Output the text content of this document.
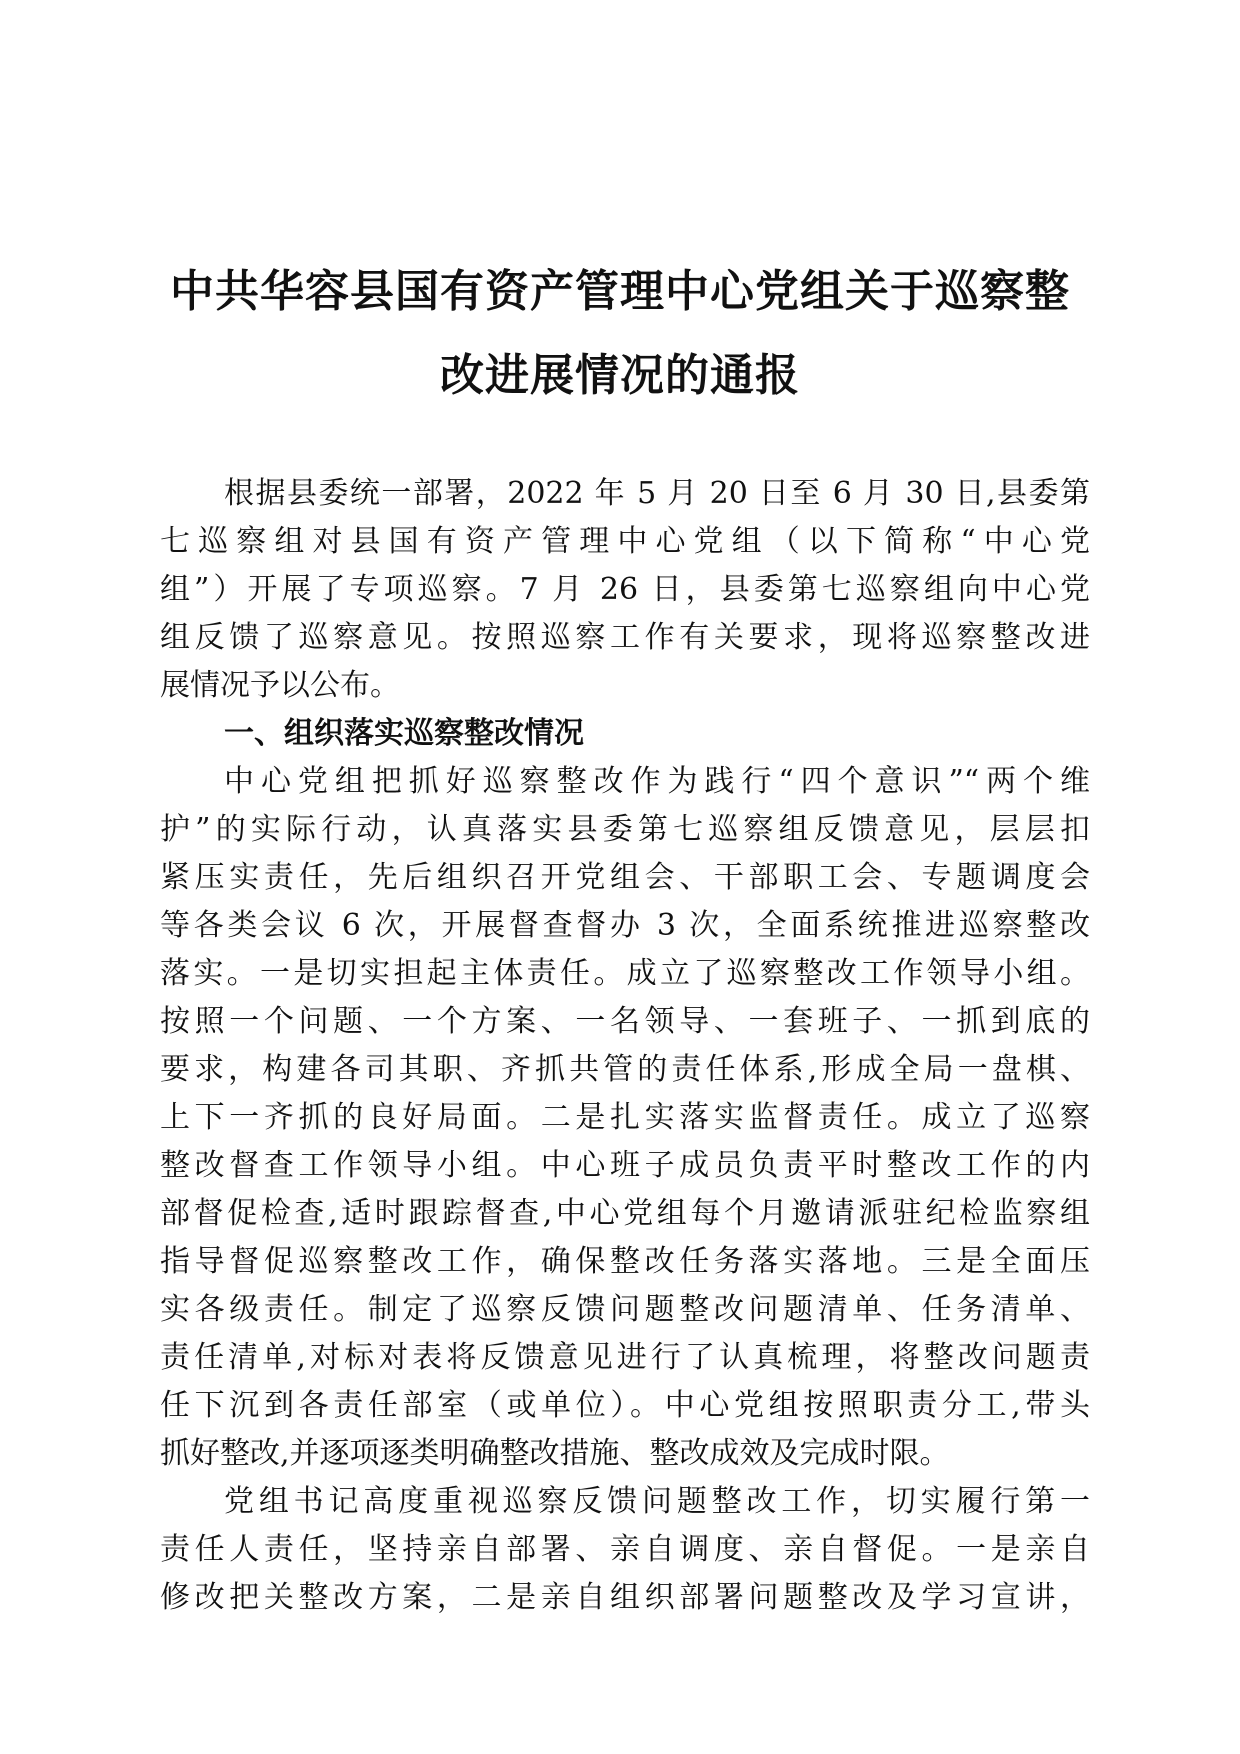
中共华容县国有资产管理中心党组关于巡察整
改进展情况的通报
根据县委统一部署，2022 年 5 月 20 日至 6 月 30 日,县委第
七巡察组对县国有资产管理中心党组（以下简称“中心党
组”）开展了专项巡察。7 月 26 日，县委第七巡察组向中心党
组反馈了巡察意见。按照巡察工作有关要求，现将巡察整改进
展情况予以公布。
一、组织落实巡察整改情况
中心党组把抓好巡察整改作为践行“四个意识”“两个维
护”的实际行动，认真落实县委第七巡察组反馈意见，层层扣
紧压实责任，先后组织召开党组会、干部职工会、专题调度会
等各类会议 6 次，开展督查督办 3 次，全面系统推进巡察整改
落实。一是切实担起主体责任。成立了巡察整改工作领导小组。
按照一个问题、一个方案、一名领导、一套班子、一抓到底的
要求，构建各司其职、齐抓共管的责任体系,形成全局一盘棋、
上下一齐抓的良好局面。二是扎实落实监督责任。成立了巡察
整改督查工作领导小组。中心班子成员负责平时整改工作的内
部督促检查,适时跟踪督查,中心党组每个月邀请派驻纪检监察组
指导督促巡察整改工作，确保整改任务落实落地。三是全面压
实各级责任。制定了巡察反馈问题整改问题清单、任务清单、
责任清单,对标对表将反馈意见进行了认真梳理，将整改问题责
任下沉到各责任部室（或单位）。中心党组按照职责分工,带头
抓好整改,并逐项逐类明确整改措施、整改成效及完成时限。
党组书记高度重视巡察反馈问题整改工作，切实履行第一
责任人责任，坚持亲自部署、亲自调度、亲自督促。一是亲自
修改把关整改方案，二是亲自组织部署问题整改及学习宣讲，
